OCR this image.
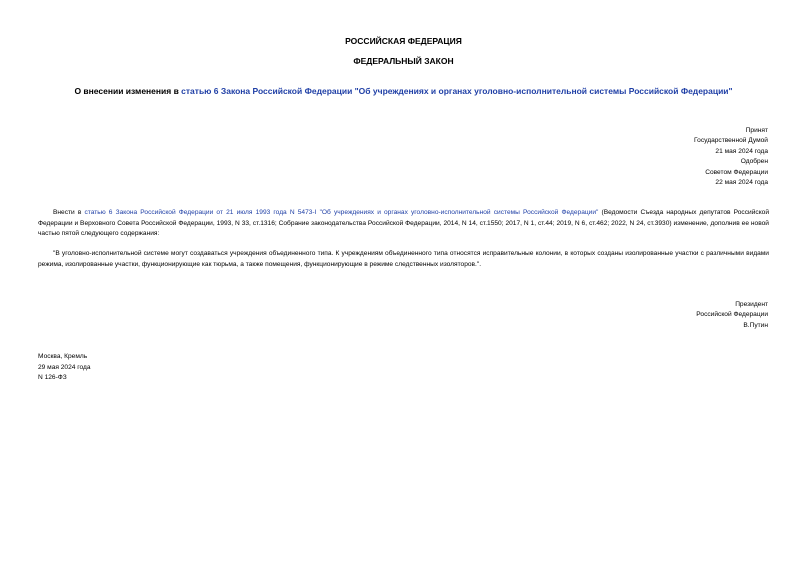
РОССИЙСКАЯ ФЕДЕРАЦИЯ
ФЕДЕРАЛЬНЫЙ ЗАКОН
О внесении изменения в статью 6 Закона Российской Федерации "Об учреждениях и органах уголовно-исполнительной системы Российской Федерации"
Принят
Государственной Думой
21 мая 2024 года
Одобрен
Советом Федерации
22 мая 2024 года
Внести в статью 6 Закона Российской Федерации от 21 июля 1993 года N 5473-I "Об учреждениях и органах уголовно-исполнительной системы Российской Федерации" (Ведомости Съезда народных депутатов Российской Федерации и Верховного Совета Российской Федерации, 1993, N 33, ст.1316; Собрание законодательства Российской Федерации, 2014, N 14, ст.1550; 2017, N 1, ст.44; 2019, N 6, ст.462; 2022, N 24, ст.3930) изменение, дополнив ее новой частью пятой следующего содержания:
"В уголовно-исполнительной системе могут создаваться учреждения объединенного типа. К учреждениям объединенного типа относятся исправительные колонии, в которых созданы изолированные участки с различными видами режима, изолированные участки, функционирующие как тюрьма, а также помещения, функционирующие в режиме следственных изоляторов.".
Президент
Российской Федерации
В.Путин
Москва, Кремль
29 мая 2024 года
N 126-ФЗ
